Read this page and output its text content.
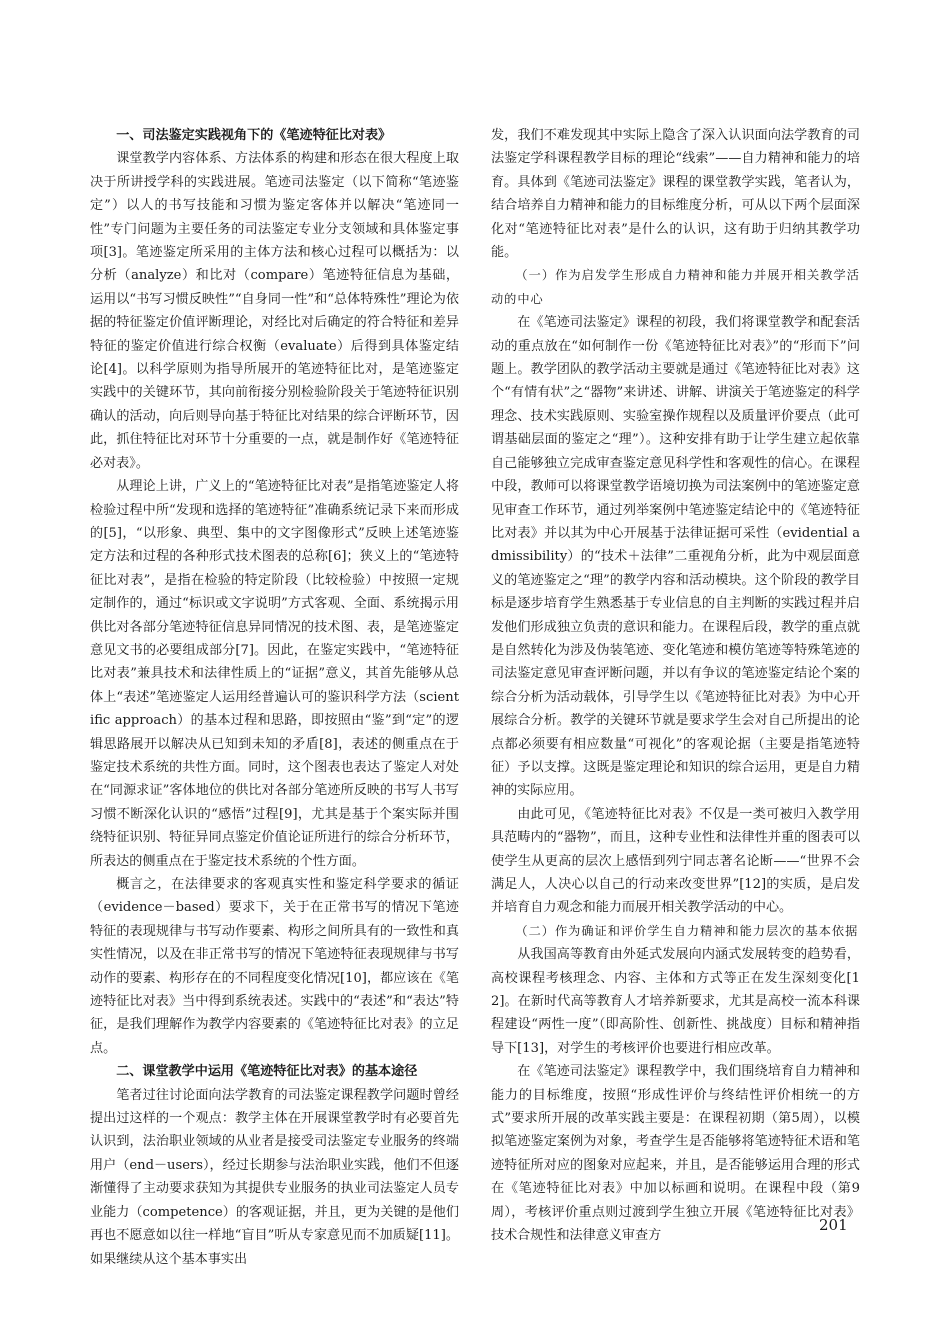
一、司法鉴定实践视角下的《笔迹特征比对表》

课堂教学内容体系、方法体系的构建和形态在很大程度上取决于所讲授学科的实践进展。笔迹司法鉴定（以下简称“笔迹鉴定”）以人的书写技能和习惯为鉴定客体并以解决“笔迹同一性”专门问题为主要任务的司法鉴定专业分支领域和具体鉴定事项[3]。笔迹鉴定所采用的主体方法和核心过程可以概括为：以分析（analyze）和比对（compare）笔迹特征信息为基础，运用以“书写习惯反映性”“自身同一性”和“总体特殊性”理论为依据的特征鉴定价值评断理论，对经比对后确定的符合特征和差异特征的鉴定价值进行综合权衡（evaluate）后得到具体鉴定结论[4]。以科学原则为指导所展开的笔迹特征比对，是笔迹鉴定实践中的关键环节，其向前衔接分别检验阶段关于笔迹特征识别确认的活动，向后则导向基于特征比对结果的综合评断环节，因此，抓住特征比对环节十分重要的一点，就是制作好《笔迹特征必对表》。

从理论上讲，广义上的“笔迹特征比对表”是指笔迹鉴定人将检验过程中所“发现和选择的笔迹特征”准确系统记录下来而形成的[5]，“以形象、典型、集中的文字图像形式”反映上述笔迹鉴定方法和过程的各种形式技术图表的总称[6]；狭义上的“笔迹特征比对表”，是指在检验的特定阶段（比较检验）中按照一定规定制作的，通过“标识或文字说明”方式客观、全面、系统揭示用供比对各部分笔迹特征信息异同情况的技术图、表，是笔迹鉴定意见文书的必要组成部分[7]。因此，在鉴定实践中，“笔迹特征比对表”兼具技术和法律性质上的“证据”意义，其首先能够从总体上“表述”笔迹鉴定人运用经普遍认可的鉴识科学方法（scientific approach）的基本过程和思路，即按照由“鉴”到“定”的逻辑思路展开以解决从已知到未知的矛盾[8]，表述的侧重点在于鉴定技术系统的共性方面。同时，这个图表也表达了鉴定人对处在“同源求证”客体地位的供比对各部分笔迹所反映的书写人书写习惯不断深化认识的“感悟”过程[9]，尤其是基于个案实际并围绕特征识别、特征异同点鉴定价值论证所进行的综合分析环节，所表达的侧重点在于鉴定技术系统的个性方面。

概言之，在法律要求的客观真实性和鉴定科学要求的循证（evidence－based）要求下，关于在正常书写的情况下笔迹特征的表现规律与书写动作要素、构形之间所具有的一致性和真实性情况，以及在非正常书写的情况下笔迹特征表现规律与书写动作的要素、构形存在的不同程度变化情况[10]，都应该在《笔迹特征比对表》当中得到系统表述。实践中的“表述”和“表达”特征，是我们理解作为教学内容要素的《笔迹特征比对表》的立足点。

二、课堂教学中运用《笔迹特征比对表》的基本途径

笔者过往讨论面向法学教育的司法鉴定课程教学问题时曾经提出过这样的一个观点：教学主体在开展课堂教学时有必要首先认识到，法治职业领域的从业者是接受司法鉴定专业服务的终端用户（end－users），经过长期参与法治职业实践，他们不但逐渐懂得了主动要求获知为其提供专业服务的执业司法鉴定人员专业能力（competence）的客观证据，并且，更为关键的是他们再也不愿意如以往一样地“盲目”听从专家意见而不加质疑[11]。如果继续从这个基本事实出

发，我们不难发现其中实际上隐含了深入认识面向法学教育的司法鉴定学科课程教学目标的理论“线索”——自力精神和能力的培育。具体到《笔迹司法鉴定》课程的课堂教学实践，笔者认为，结合培养自力精神和能力的目标维度分析，可从以下两个层面深化对“笔迹特征比对表”是什么的认识，这有助于归纳其教学功能。

（一）作为启发学生形成自力精神和能力并展开相关教学活动的中心

在《笔迹司法鉴定》课程的初段，我们将课堂教学和配套活动的重点放在“如何制作一份《笔迹特征比对表》”的“形而下”问题上。教学团队的教学活动主要就是通过《笔迹特征比对表》这个“有情有状”之“器物”来讲述、讲解、讲演关于笔迹鉴定的科学理念、技术实践原则、实验室操作规程以及质量评价要点（此可谓基础层面的鉴定之“理”）。这种安排有助于让学生建立起依靠自己能够独立完成审查鉴定意见科学性和客观性的信心。在课程中段，教师可以将课堂教学语境切换为司法案例中的笔迹鉴定意见审查工作环节，通过列举案例中笔迹鉴定结论中的《笔迹特征比对表》并以其为中心开展基于法律证据可采性（evidential admissibility）的“技术＋法律”二重视角分析，此为中观层面意义的笔迹鉴定之“理”的教学内容和活动模块。这个阶段的教学目标是逐步培育学生熟悉基于专业信息的自主判断的实践过程并启发他们形成独立负责的意识和能力。在课程后段，教学的重点就是自然转化为涉及伪装笔迹、变化笔迹和模仿笔迹等特殊笔迹的司法鉴定意见审查评断问题，并以有争议的笔迹鉴定结论个案的综合分析为活动载体，引导学生以《笔迹特征比对表》为中心开展综合分析。教学的关键环节就是要求学生会对自己所提出的论点都必须要有相应数量“可视化”的客观论据（主要是指笔迹特征）予以支撑。这既是鉴定理论和知识的综合运用，更是自力精神的实际应用。

由此可见，《笔迹特征比对表》不仅是一类可被归入教学用具范畴内的“器物”，而且，这种专业性和法律性并重的图表可以使学生从更高的层次上感悟到列宁同志著名论断——“世界不会满足人，人决心以自己的行动来改变世界”[12]的实质，是启发并培育自力观念和能力而展开相关教学活动的中心。

（二）作为确证和评价学生自力精神和能力层次的基本依据

从我国高等教育由外延式发展向内涵式发展转变的趋势看，高校课程考核理念、内容、主体和方式等正在发生深刻变化[12]。在新时代高等教育人才培养新要求，尤其是高校一流本科课程建设“两性一度”（即高阶性、创新性、挑战度）目标和精神指导下[13]，对学生的考核评价也要进行相应改革。

在《笔迹司法鉴定》课程教学中，我们围绕培育自力精神和能力的目标维度，按照“形成性评价与终结性评价相统一的方式”要求所开展的改革实践主要是：在课程初期（第5周），以模拟笔迹鉴定案例为对象，考查学生是否能够将笔迹特征术语和笔迹特征所对应的图象对应起来，并且，是否能够运用合理的形式在《笔迹特征比对表》中加以标画和说明。在课程中段（第9周），考核评价重点则过渡到学生独立开展《笔迹特征比对表》技术合规性和法律意义审查方

201
